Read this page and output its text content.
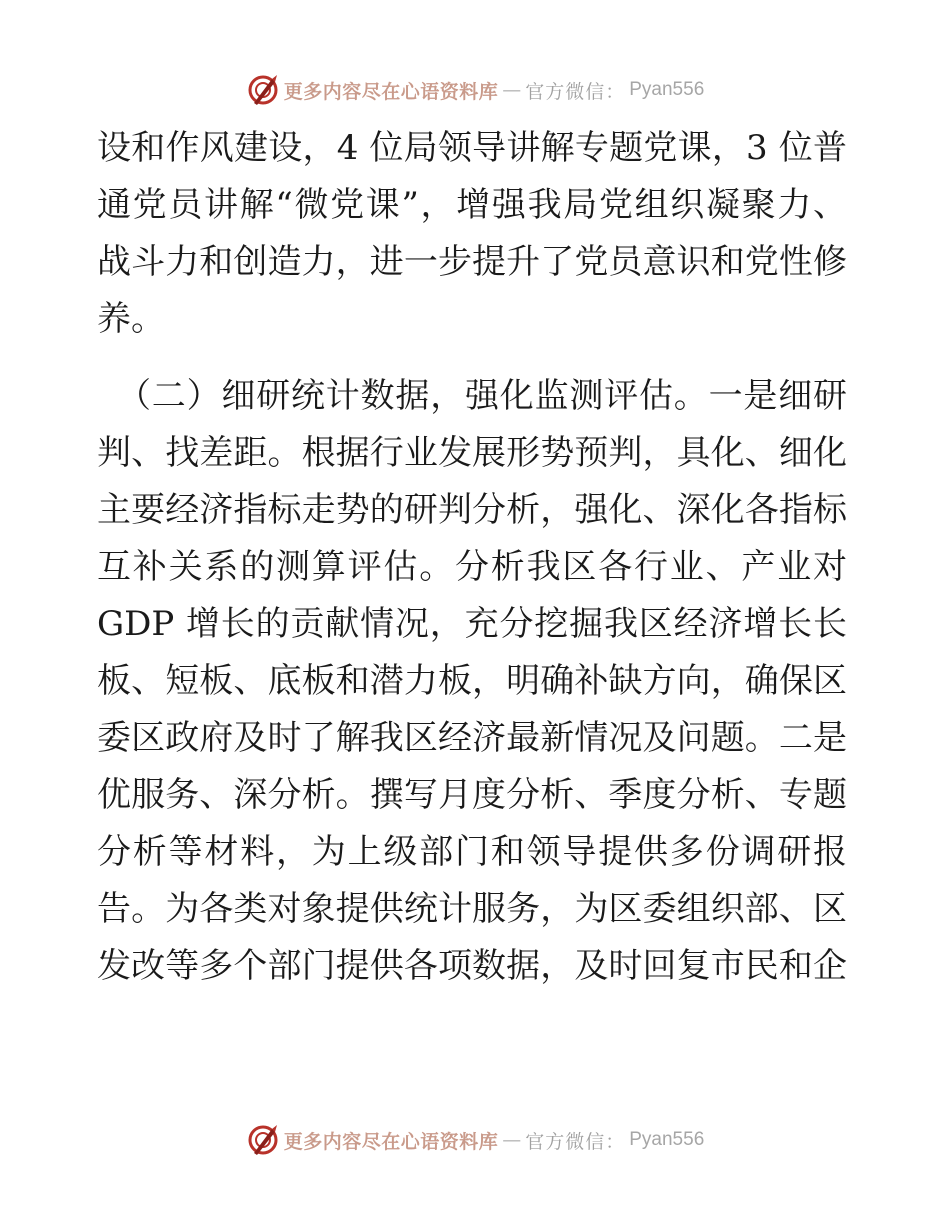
更多内容尽在心语资料库 — 官方微信： Pyan556
设和作风建设，4 位局领导讲解专题党课，3 位普
通党员讲解“微党课”，增强我局党组织凝聚力、
战斗力和创造力，进一步提升了党员意识和党性修
养。
（二）细研统计数据，强化监测评估。一是细研
判、找差距。根据行业发展形势预判，具化、细化
主要经济指标走势的研判分析，强化、深化各指标
互补关系的测算评估。分析我区各行业、产业对
GDP 增长的贡献情况，充分挖掘我区经济增长长
板、短板、底板和潜力板，明确补缺方向，确保区
委区政府及时了解我区经济最新情况及问题。二是
优服务、深分析。撰写月度分析、季度分析、专题
分析等材料，为上级部门和领导提供多份调研报
告。为各类对象提供统计服务，为区委组织部、区
发改等多个部门提供各项数据，及时回复市民和企
更多内容尽在心语资料库 — 官方微信： Pyan556
